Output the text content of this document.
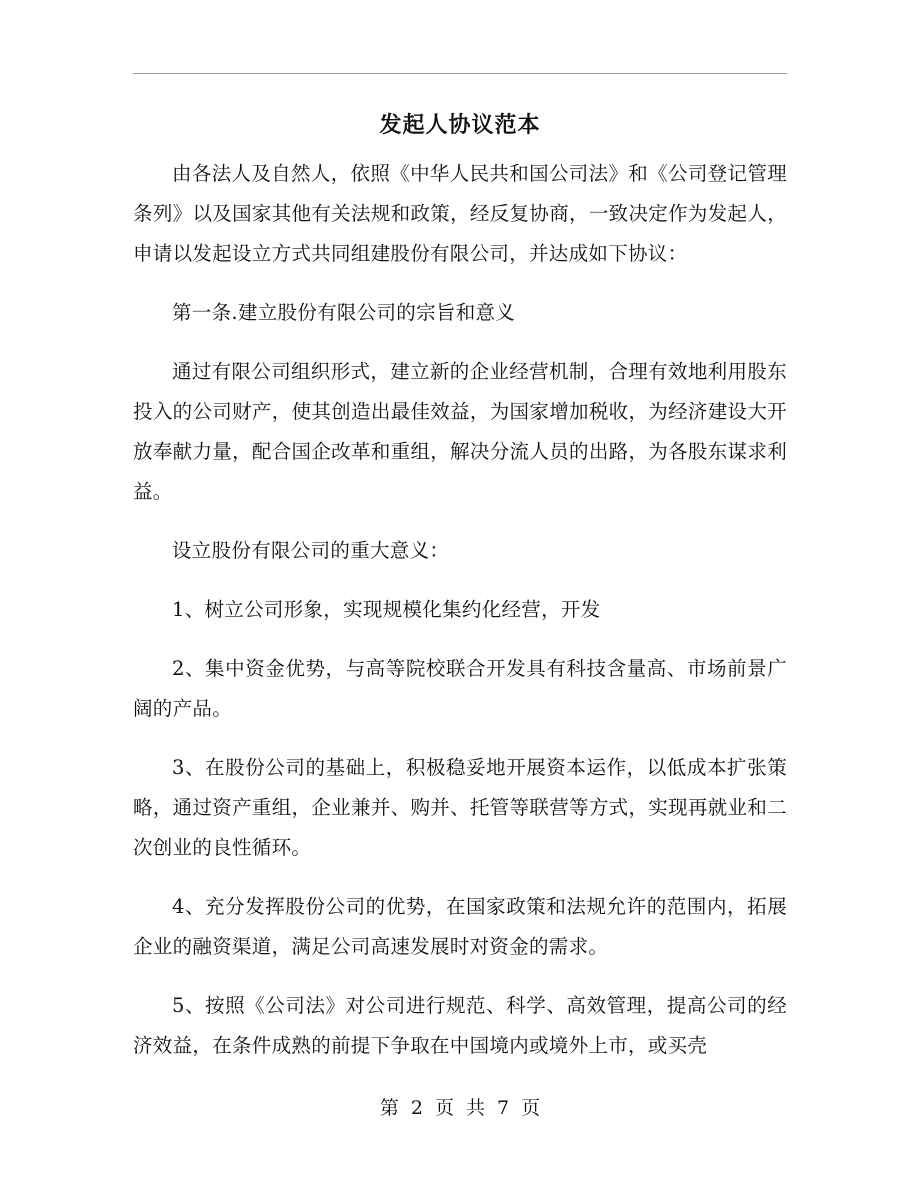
发起人协议范本

由各法人及自然人，依照《中华人民共和国公司法》和《公司登记管理条列》以及国家其他有关法规和政策，经反复协商，一致决定作为发起人，申请以发起设立方式共同组建股份有限公司，并达成如下协议：

第一条.建立股份有限公司的宗旨和意义

通过有限公司组织形式，建立新的企业经营机制，合理有效地利用股东投入的公司财产，使其创造出最佳效益，为国家增加税收，为经济建设大开放奉献力量，配合国企改革和重组，解决分流人员的出路，为各股东谋求利益。

设立股份有限公司的重大意义：

1、树立公司形象，实现规模化集约化经营，开发

2、集中资金优势，与高等院校联合开发具有科技含量高、市场前景广阔的产品。

3、在股份公司的基础上，积极稳妥地开展资本运作，以低成本扩张策略，通过资产重组，企业兼并、购并、托管等联营等方式，实现再就业和二次创业的良性循环。

4、充分发挥股份公司的优势，在国家政策和法规允许的范围内，拓展企业的融资渠道，满足公司高速发展时对资金的需求。

5、按照《公司法》对公司进行规范、科学、高效管理，提高公司的经济效益，在条件成熟的前提下争取在中国境内或境外上市，或买壳

第 2 页 共 7 页
